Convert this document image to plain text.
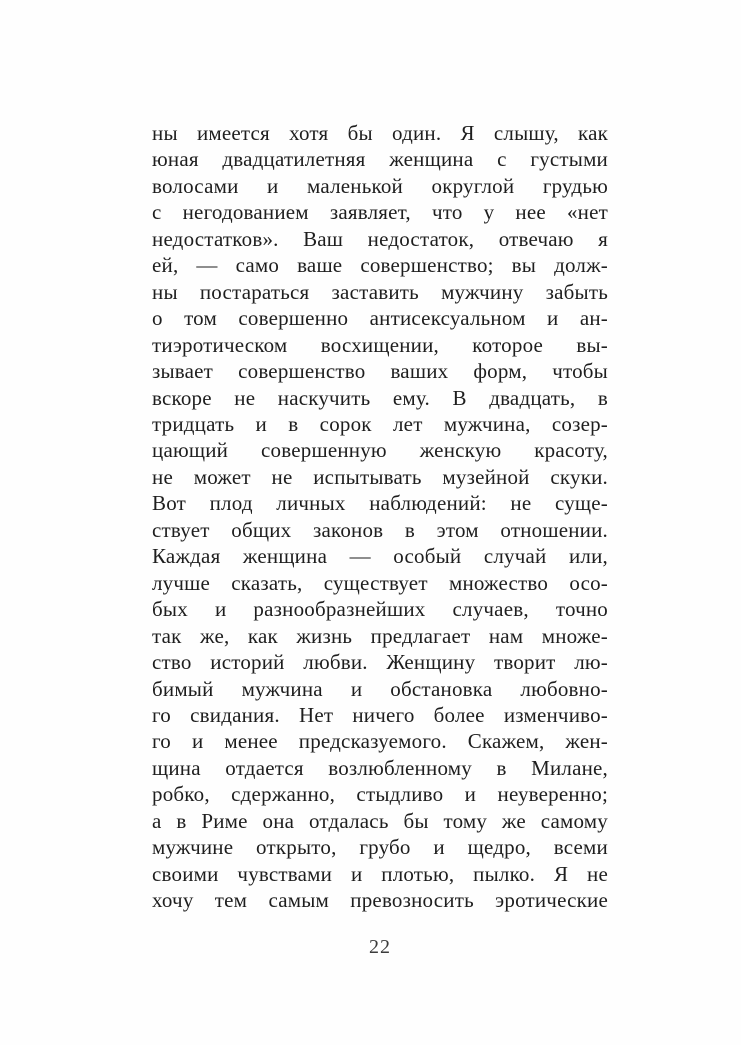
ны имеется хотя бы один. Я слышу, как
юная двадцатилетняя женщина с густыми
волосами и маленькой округлой грудью
с негодованием заявляет, что у нее «нет
недостатков». Ваш недостаток, отвечаю я
ей, — само ваше совершенство; вы долж-
ны постараться заставить мужчину забыть
о том совершенно антисексуальном и ан-
тиэротическом восхищении, которое вы-
зывает совершенство ваших форм, чтобы
вскоре не наскучить ему. В двадцать, в
тридцать и в сорок лет мужчина, созер-
цающий совершенную женскую красоту,
не может не испытывать музейной скуки.
Вот плод личных наблюдений: не суще-
ствует общих законов в этом отношении.
Каждая женщина — особый случай или,
лучше сказать, существует множество осо-
бых и разнообразнейших случаев, точно
так же, как жизнь предлагает нам множе-
ство историй любви. Женщину творит лю-
бимый мужчина и обстановка любовно-
го свидания. Нет ничего более изменчиво-
го и менее предсказуемого. Скажем, жен-
щина отдается возлюбленному в Милане,
робко, сдержанно, стыдливо и неуверенно;
а в Риме она отдалась бы тому же самому
мужчине открыто, грубо и щедро, всеми
своими чувствами и плотью, пылко. Я не
хочу тем самым превозносить эротические
22
